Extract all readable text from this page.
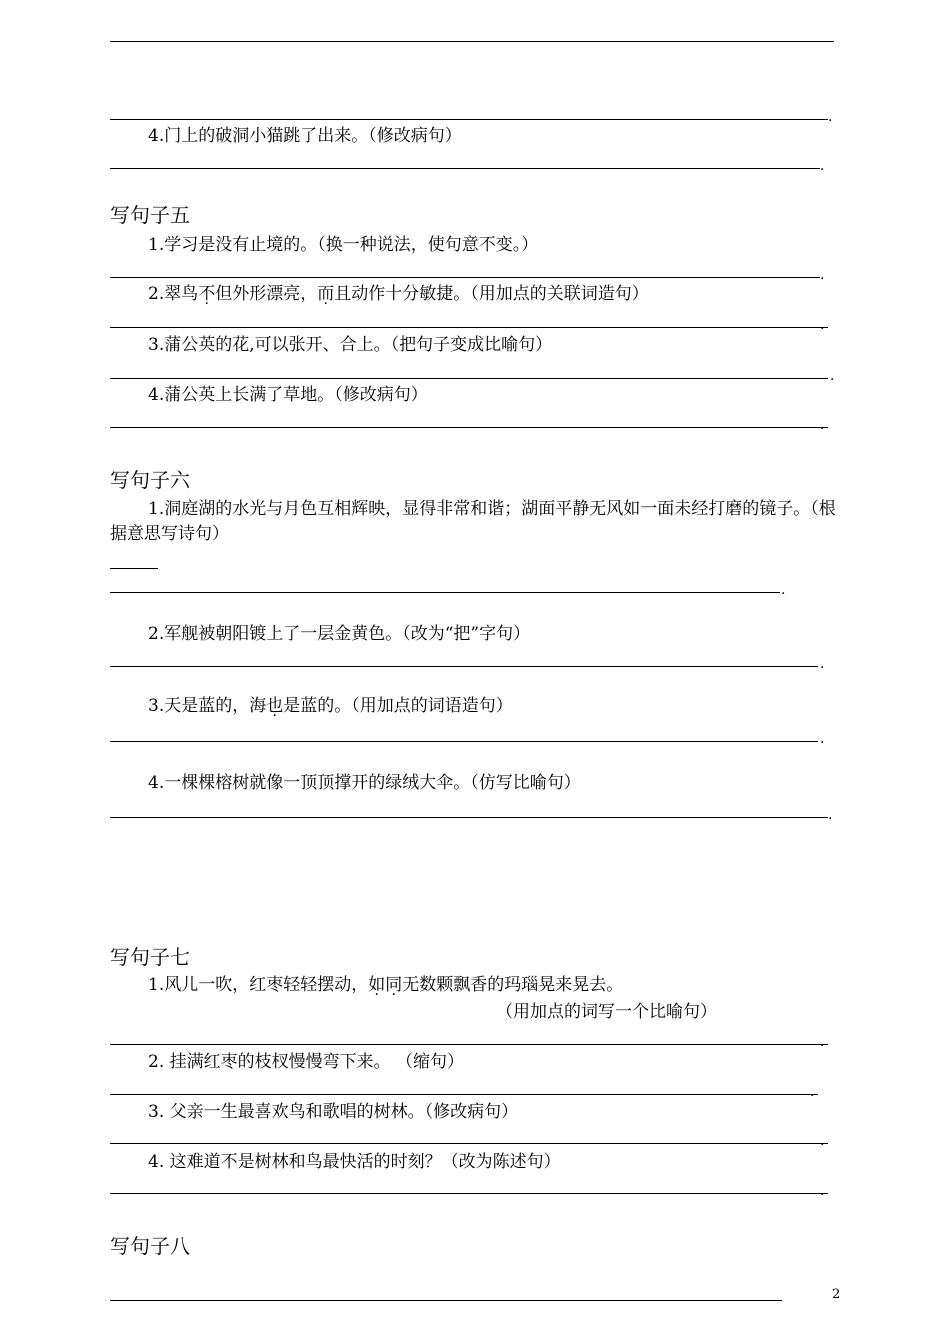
.
4.门上的破洞小猫跳了出来。（修改病句）
.
写句子五
1.学习是没有止境的。（换一种说法，使句意不变。）
.
2.翠鸟不但外形漂亮，而且动作十分敏捷。（用加点的关联词造句）
.
3.蒲公英的花,可以张开、合上。（把句子变成比喻句）
.
4.蒲公英上长满了草地。（修改病句）
.
写句子六
1.洞庭湖的水光与月色互相辉映，显得非常和谐；湖面平静无风如一面未经打磨的镜子。（根据意思写诗句）
.
2.军舰被朝阳镀上了一层金黄色。（改为“把”字句）
.
3.天是蓝的，海也是蓝的。（用加点的词语造句）
.
4.一棵棵榕树就像一顶顶撑开的绿绒大伞。（仿写比喻句）
.
写句子七
1.风儿一吹，红枣轻轻摆动，如同无数颗飘香的玛瑙晃来晃去。
（用加点的词写一个比喻句）
.
2. 挂满红枣的枝杈慢慢弯下来。 （缩句）
.
3. 父亲一生最喜欢鸟和歌唱的树林。（修改病句）
.
4. 这难道不是树林和鸟最快活的时刻？（改为陈述句）
.
写句子八
2
